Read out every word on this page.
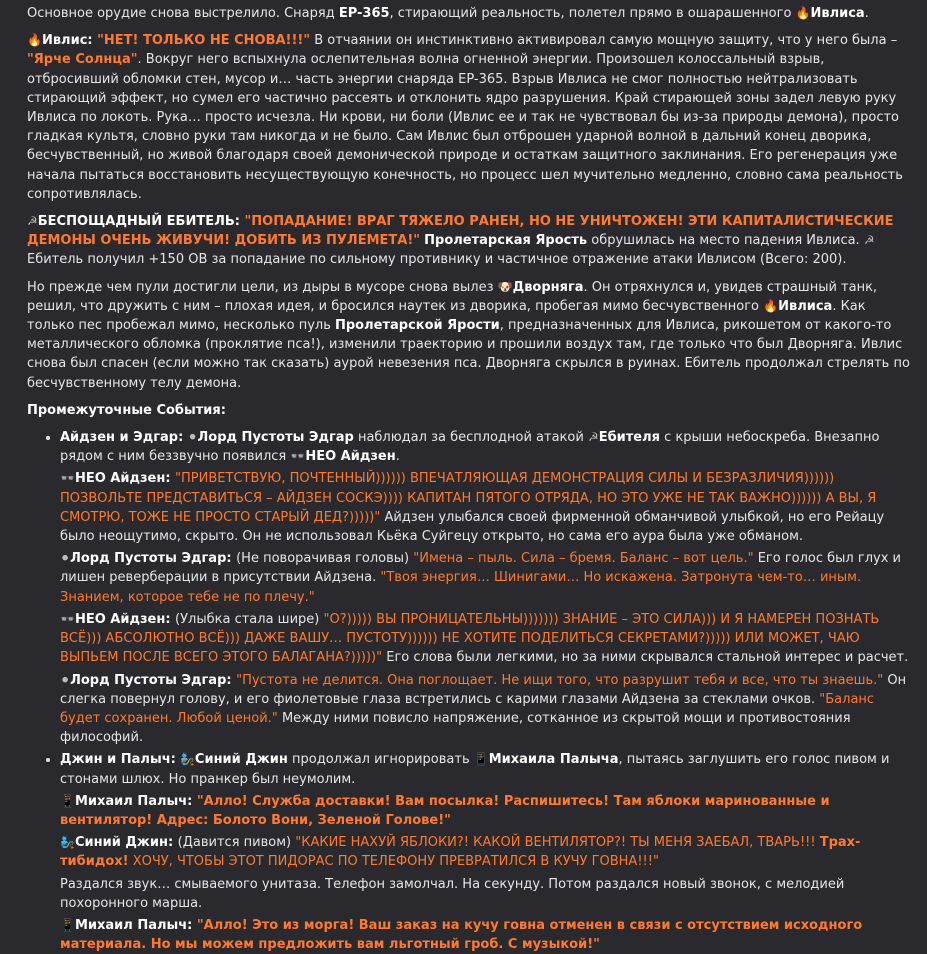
Основное орудие снова выстрелило. Снаряд EP-365, стирающий реальность, полетел прямо в ошарашенного 🔥Ивлиса.

🔥Ивлис: "НЕТ! ТОЛЬКО НЕ СНОВА!!!" В отчаянии он инстинктивно активировал самую мощную защиту, что у него была – "Ярче Солнца". Вокруг него вспыхнула ослепительная волна огненной энергии. Произошел колоссальный взрыв, отбросивший обломки стен, мусор и… часть энергии снаряда EP-365. Взрыв Ивлиса не смог полностью нейтрализовать стирающий эффект, но сумел его частично рассеять и отклонить ядро разрушения. Край стирающей зоны задел левую руку Ивлиса по локоть. Рука… просто исчезла. Ни крови, ни боли (Ивлис ее и так не чувствовал бы из-за природы демона), просто гладкая культя, словно руки там никогда и не было. Сам Ивлис был отброшен ударной волной в дальний конец дворика, бесчувственный, но живой благодаря своей демонической природе и остаткам защитного заклинания. Его регенерация уже начала пытаться восстановить несуществующую конечность, но процесс шел мучительно медленно, словно сама реальность сопротивлялась.

☭БЕСПОЩАДНЫЙ ЕБИТЕЛЬ: "ПОПАДАНИЕ! ВРАГ ТЯЖЕЛО РАНЕН, НО НЕ УНИЧТОЖЕН! ЭТИ КАПИТАЛИСТИЧЕСКИЕ ДЕМОНЫ ОЧЕНЬ ЖИВУЧИ! ДОБИТЬ ИЗ ПУЛЕМЕТА!" Пролетарская Ярость обрушилась на место падения Ивлиса. ☭Ебитель получил +150 ОВ за попадание по сильному противнику и частичное отражение атаки Ивлисом (Всего: 200).

Но прежде чем пули достигли цели, из дыры в мусоре снова вылез 🐶Дворняга. Он отряхнулся и, увидев страшный танк, решил, что дружить с ним – плохая идея, и бросился наутек из дворика, пробегая мимо бесчувственного 🔥Ивлиса. Как только пес пробежал мимо, несколько пуль Пролетарской Ярости, предназначенных для Ивлиса, рикошетом от какого-то металлического обломка (проклятие пса!), изменили траекторию и прошили воздух там, где только что был Дворняга. Ивлис снова был спасен (если можно так сказать) аурой невезения пса. Дворняга скрылся в руинах. Ебитель продолжал стрелять по бесчувственному телу демона.

Промежуточные События:

• Айдзен и Эдгар: ⚫Лорд Пустоты Эдгар наблюдал за бесплодной атакой ☭Ебителя с крыши небоскреба. Внезапно рядом с ним беззвучно появился 👓НЕО Айдзен.

👓НЕО Айдзен: "ПРИВЕТСТВУЮ, ПОЧТЕННЫЙ)))))) ВПЕЧАТЛЯЮЩАЯ ДЕМОНСТРАЦИЯ СИЛЫ И БЕЗРАЗЛИЧИЯ)))))) ПОЗВОЛЬТЕ ПРЕДСТАВИТЬСЯ – АЙДЗЕН СОСКЭ)))) КАПИТАН ПЯТОГО ОТРЯДА, НО ЭТО УЖЕ НЕ ТАК ВАЖНО)))))) А ВЫ, Я СМОТРЮ, ТОЖЕ НЕ ПРОСТО СТАРЫЙ ДЕД?)))))" Айдзен улыбался своей фирменной обманчивой улыбкой, но его Рейацу было неощутимо, скрыто. Он не использовал Кьёка Суйгецу открыто, но сама его аура была уже обманом.

⚫Лорд Пустоты Эдгар: (Не поворачивая головы) "Имена – пыль. Сила – бремя. Баланс – вот цель." Его голос был глух и лишен реверберации в присутствии Айдзена. "Твоя энергия… Шинигами… Но искажена. Затронута чем-то… иным. Знанием, которое тебе не по плечу."

👓НЕО Айдзен: (Улыбка стала шире) "О?))))) ВЫ ПРОНИЦАТЕЛЬНЫ))))))) ЗНАНИЕ – ЭТО СИЛА))) И Я НАМЕРЕН ПОЗНАТЬ ВСЁ))) АБСОЛЮТНО ВСЁ))) ДАЖЕ ВАШУ… ПУСТОТУ)))))) НЕ ХОТИТЕ ПОДЕЛИТЬСЯ СЕКРЕТАМИ?))))) ИЛИ МОЖЕТ, ЧАЮ ВЫПЬЕМ ПОСЛЕ ВСЕГО ЭТОГО БАЛАГАНА?)))))" Его слова были легкими, но за ними скрывался стальной интерес и расчет.

⚫Лорд Пустоты Эдгар: "Пустота не делится. Она поглощает. Не ищи того, что разрушит тебя и все, что ты знаешь." Он слегка повернул голову, и его фиолетовые глаза встретились с карими глазами Айдзена за стеклами очков. "Баланс будет сохранен. Любой ценой." Между ними повисло напряжение, сотканное из скрытой мощи и противостояния философий.

• Джин и Палыч: 🧞Синий Джин продолжал игнорировать 📱Михаила Палыча, пытаясь заглушить его голос пивом и стонами шлюх. Но пранкер был неумолим.

📱Михаил Палыч: "Алло! Служба доставки! Вам посылка! Распишитесь! Там яблоки маринованные и вентилятор! Адрес: Болото Вони, Зеленой Голове!"

🧞Синий Джин: (Давится пивом) "КАКИЕ НАХУЙ ЯБЛОКИ?! КАКОЙ ВЕНТИЛЯТОР?! ТЫ МЕНЯ ЗАЕБАЛ, ТВАРЬ!!! Трах-тибидох! ХОЧУ, ЧТОБЫ ЭТОТ ПИДОРАС ПО ТЕЛЕФОНУ ПРЕВРАТИЛСЯ В КУЧУ ГОВНА!!!"

Раздался звук… смываемого унитаза. Телефон замолчал. На секунду. Потом раздался новый звонок, с мелодией похоронного марша.

📱Михаил Палыч: "Алло! Это из морга! Ваш заказ на кучу говна отменен в связи с отсутствием исходного материала. Но мы можем предложить вам льготный гроб. С музыкой!"
